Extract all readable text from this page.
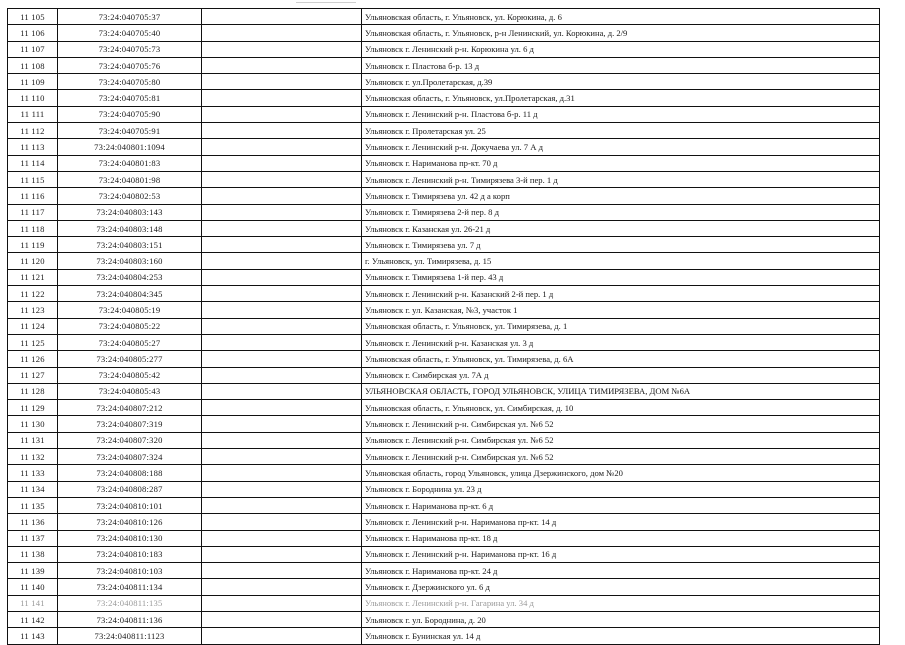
11 105	73:24:040705:37		Ульяновская область, г. Ульяновск, ул. Корюкина, д. 6
11 106	73:24:040705:40		Ульяновская область, г. Ульяновск, р-н Ленинский, ул. Корюкина, д. 2/9
11 107	73:24:040705:73		Ульяновск г. Ленинский р-н. Корюкина ул. 6 д
11 108	73:24:040705:76		Ульяновск г. Пластова б-р. 13 д
11 109	73:24:040705:80		Ульяновск г. ул.Пролетарская, д.39
11 110	73:24:040705:81		Ульяновская область, г. Ульяновск, ул.Пролетарская, д.31
11 111	73:24:040705:90		Ульяновск г. Ленинский р-н. Пластова б-р. 11 д
11 112	73:24:040705:91		Ульяновск г. Пролетарская ул. 25
11 113	73:24:040801:1094		Ульяновск г. Ленинский р-н. Докучаева ул. 7 А д
11 114	73:24:040801:83		Ульяновск г. Нариманова пр-кт. 70 д
11 115	73:24:040801:98		Ульяновск г. Ленинский р-н. Тимирязева 3-й пер. 1 д
11 116	73:24:040802:53		Ульяновск г. Тимирязева ул. 42 д а корп
11 117	73:24:040803:143		Ульяновск г. Тимирязева 2-й пер. 8 д
11 118	73:24:040803:148		Ульяновск г. Казанская ул. 26-21 д
11 119	73:24:040803:151		Ульяновск г. Тимирязева ул. 7 д
11 120	73:24:040803:160		г. Ульяновск, ул. Тимирязева, д. 15
11 121	73:24:040804:253		Ульяновск г. Тимирязева 1-й пер. 43 д
11 122	73:24:040804:345		Ульяновск г. Ленинский р-н. Казанский 2-й пер. 1 д
11 123	73:24:040805:19		Ульяновск г. ул. Казанская, №3, участок 1
11 124	73:24:040805:22		Ульяновская область, г. Ульяновск, ул. Тимирязева, д. 1
11 125	73:24:040805:27		Ульяновск г. Ленинский р-н. Казанская ул. 3 д
11 126	73:24:040805:277		Ульяновская область, г. Ульяновск, ул. Тимирязева, д. 6А
11 127	73:24:040805:42		Ульяновск г. Симбирская ул. 7А д
11 128	73:24:040805:43		УЛЬЯНОВСКАЯ ОБЛАСТЬ, ГОРОД УЛЬЯНОВСК, УЛИЦА ТИМИРЯЗЕВА, ДОМ №6А
11 129	73:24:040807:212		Ульяновская область, г. Ульяновск, ул. Симбирская, д. 10
11 130	73:24:040807:319		Ульяновск г. Ленинский р-н. Симбирская ул. №6 52
11 131	73:24:040807:320		Ульяновск г. Ленинский р-н. Симбирская ул. №6 52
11 132	73:24:040807:324		Ульяновск г. Ленинский р-н. Симбирская ул. №6 52
11 133	73:24:040808:188		Ульяновская область, город Ульяновск, улица Дзержинского, дом №20
11 134	73:24:040808:287		Ульяновск г. Бороднина ул. 23 д
11 135	73:24:040810:101		Ульяновск г. Нариманова пр-кт. 6 д
11 136	73:24:040810:126		Ульяновск г. Ленинский р-н. Нариманова пр-кт. 14 д
11 137	73:24:040810:130		Ульяновск г. Нариманова пр-кт. 18 д
11 138	73:24:040810:183		Ульяновск г. Ленинский р-н. Нариманова пр-кт. 16 д
11 139	73:24:040810:103		Ульяновск г. Нариманова пр-кт. 24 д
11 140	73:24:040811:134		Ульяновск г. Дзержинского ул. 6 д
11 141	73:24:040811:135		Ульяновск г. Ленинский р-н. Гагарина ул. 34 д
11 142	73:24:040811:136		Ульяновск г. ул. Бороднина, д. 20
11 143	73:24:040811:1123		Ульяновск г. Бунинская ул. 14 д
